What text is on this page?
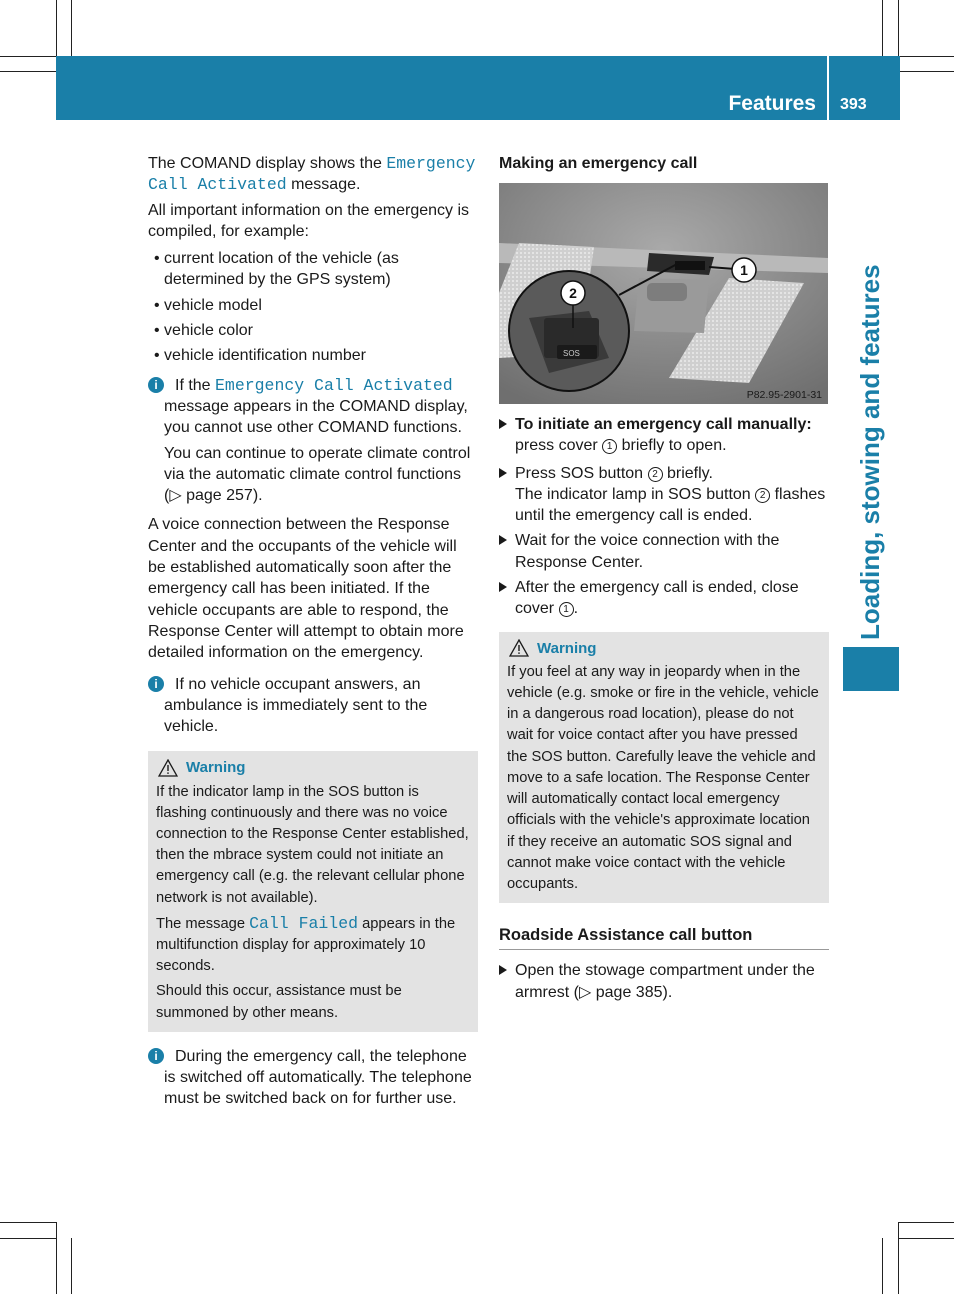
Features 393
Loading, stowing and features

The COMAND display shows the Emergency Call Activated message.

All important information on the emergency is compiled, for example:

• current location of the vehicle (as determined by the GPS system)

• vehicle model

• vehicle color

• vehicle identification number

i	If the Emergency Call Activated message appears in the COMAND display, you cannot use other COMAND functions.

You can continue to operate climate control via the automatic climate control functions (▷ page 257).

A voice connection between the Response Center and the occupants of the vehicle will be established automatically soon after the emergency call has been initiated. If the vehicle occupants are able to respond, the Response Center will attempt to obtain more detailed information on the emergency.

i	If no vehicle occupant answers, an ambulance is immediately sent to the vehicle.

Warning

If the indicator lamp in the SOS button is flashing continuously and there was no voice connection to the Response Center established, then the mbrace system could not initiate an emergency call (e.g. the relevant cellular phone network is not available).

The message Call Failed appears in the multifunction display for approximately 10 seconds.

Should this occur, assistance must be summoned by other means.

i	During the emergency call, the telephone is switched off automatically. The telephone must be switched back on for further use.

Making an emergency call
SOS
2
1
P82.95-2901-31
To initiate an emergency call manually: press cover 1 briefly to open.
Press SOS button 2 briefly.
The indicator lamp in SOS button 2 flashes until the emergency call is ended.
Wait for the voice connection with the Response Center.
After the emergency call is ended, close cover 1 .
Warning

If you feel at any way in jeopardy when in the vehicle (e.g. smoke or fire in the vehicle, vehicle in a dangerous road location), please do not wait for voice contact after you have pressed the SOS button. Carefully leave the vehicle and move to a safe location. The Response Center will automatically contact local emergency officials with the vehicle's approximate location if they receive an automatic SOS signal and cannot make voice contact with the vehicle occupants.

Roadside Assistance call button
Open the stowage compartment under the armrest (▷ page 385).
